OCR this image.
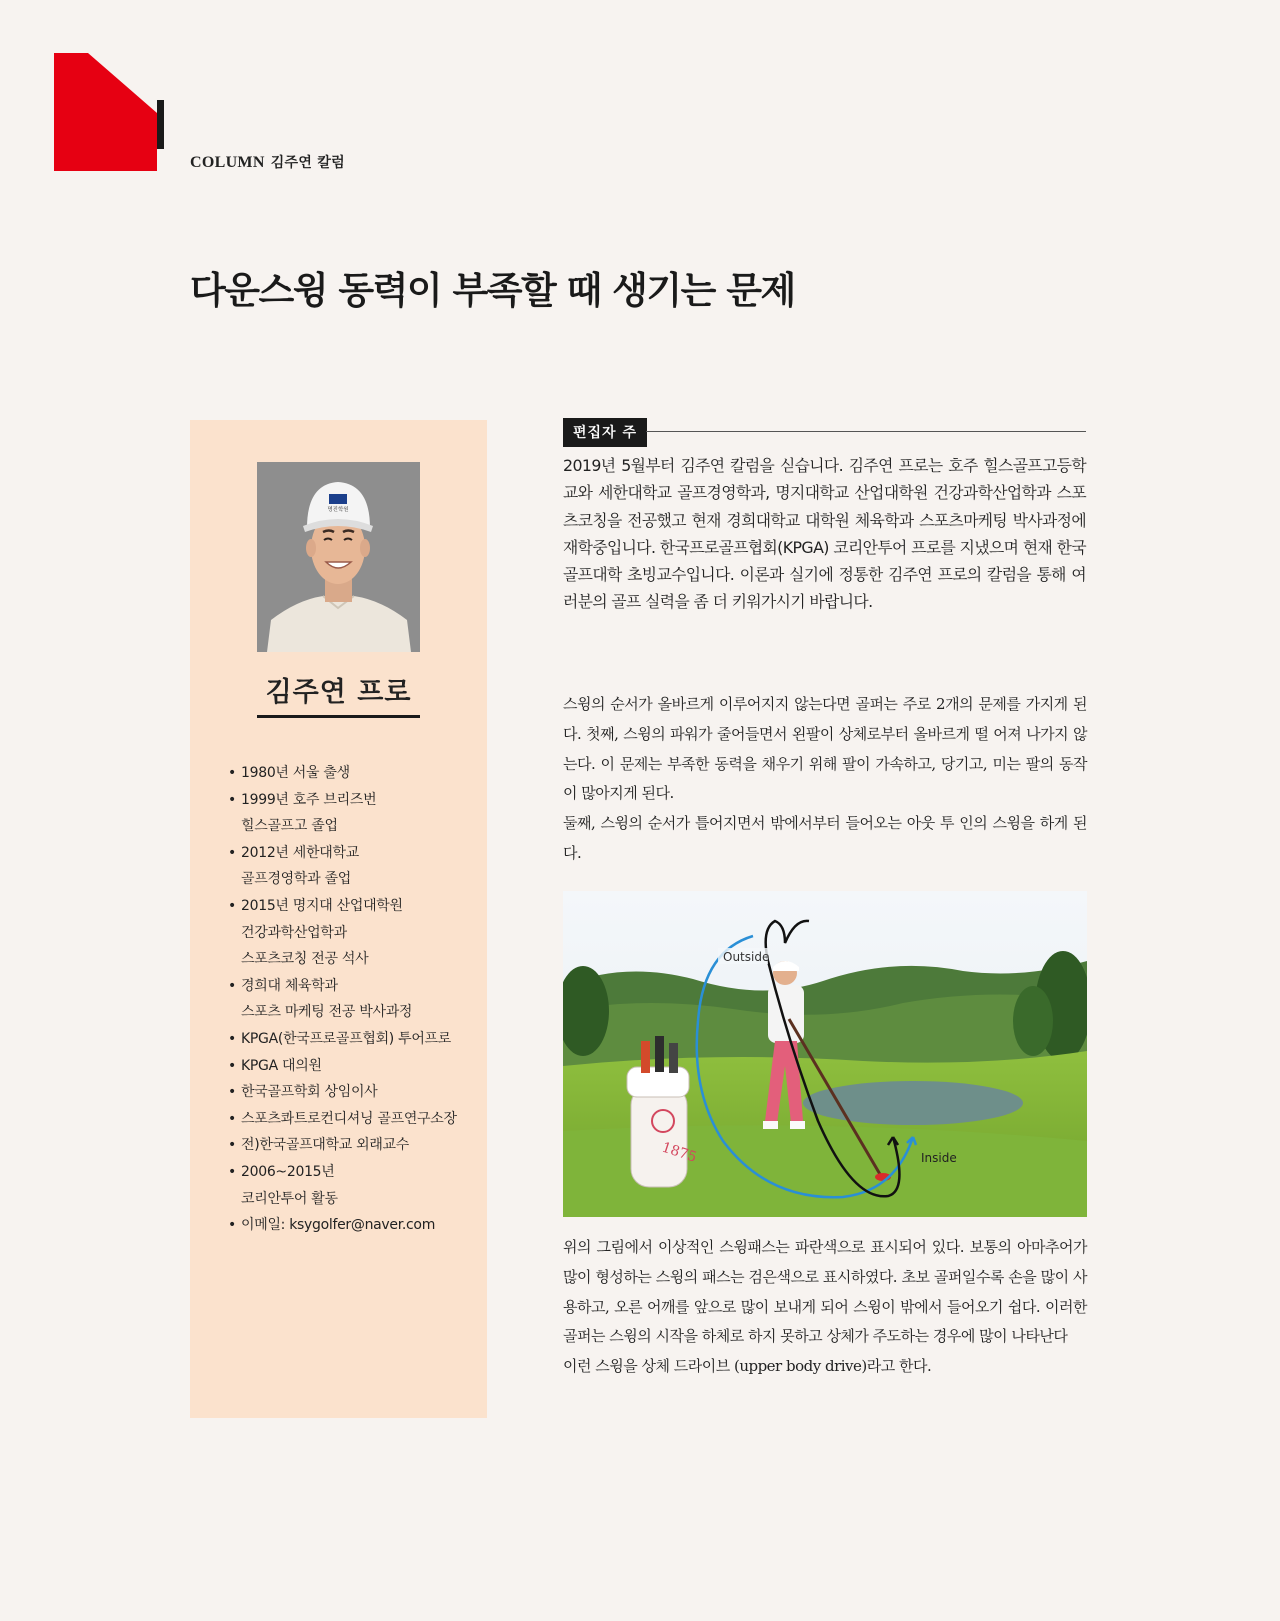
COLUMN 김주연 칼럼
다운스윙 동력이 부족할 때 생기는 문제
명진학원
김주연 프로
• 1980년 서울 출생
• 1999년 호주 브리즈번
힐스골프고 졸업
• 2012년 세한대학교
골프경영학과 졸업
• 2015년 명지대 산업대학원
건강과학산업학과
스포츠코칭 전공 석사
• 경희대 체육학과
스포츠 마케팅 전공 박사과정
• KPGA(한국프로골프협회) 투어프로
• KPGA 대의원
• 한국골프학회 상임이사
• 스포츠콰트로컨디셔닝 골프연구소장
• 전)한국골프대학교 외래교수
• 2006~2015년
코리안투어 활동
• 이메일: ksygolfer@naver.com
편집자 주

2019년 5월부터 김주연 칼럼을 싣습니다. 김주연 프로는 호주 힐스골프고등학교와 세한대학교 골프경영학과, 명지대학교 산업대학원 건강과학산업학과 스포츠코칭을 전공했고 현재 경희대학교 대학원 체육학과 스포츠마케팅 박사과정에 재학중입니다. 한국프로골프협회(KPGA) 코리안투어 프로를 지냈으며 현재 한국골프대학 초빙교수입니다. 이론과 실기에 정통한 김주연 프로의 칼럼을 통해 여러분의 골프 실력을 좀 더 키워가시기 바랍니다.

스윙의 순서가 올바르게 이루어지지 않는다면 골퍼는 주로 2개의 문제를 가지게 된다. 첫째, 스윙의 파워가 줄어들면서 왼팔이 상체로부터 올바르게 떨 어져 나가지 않는다. 이 문제는 부족한 동력을 채우기 위해 팔이 가속하고, 당기고, 미는 팔의 동작이 많아지게 된다.
둘째, 스윙의 순서가 틀어지면서 밖에서부터 들어오는 아웃 투 인의 스윙을 하게 된다.

1875
Outside
Inside

위의 그림에서 이상적인 스윙패스는 파란색으로 표시되어 있다. 보통의 아마추어가 많이 형성하는 스윙의 패스는 검은색으로 표시하였다. 초보 골퍼일수록 손을 많이 사용하고, 오른 어깨를 앞으로 많이 보내게 되어 스윙이 밖에서 들어오기 쉽다. 이러한 골퍼는 스윙의 시작을 하체로 하지 못하고 상체가 주도하는 경우에 많이 나타난다
이런 스윙을 상체 드라이브 (upper body drive)라고 한다.
